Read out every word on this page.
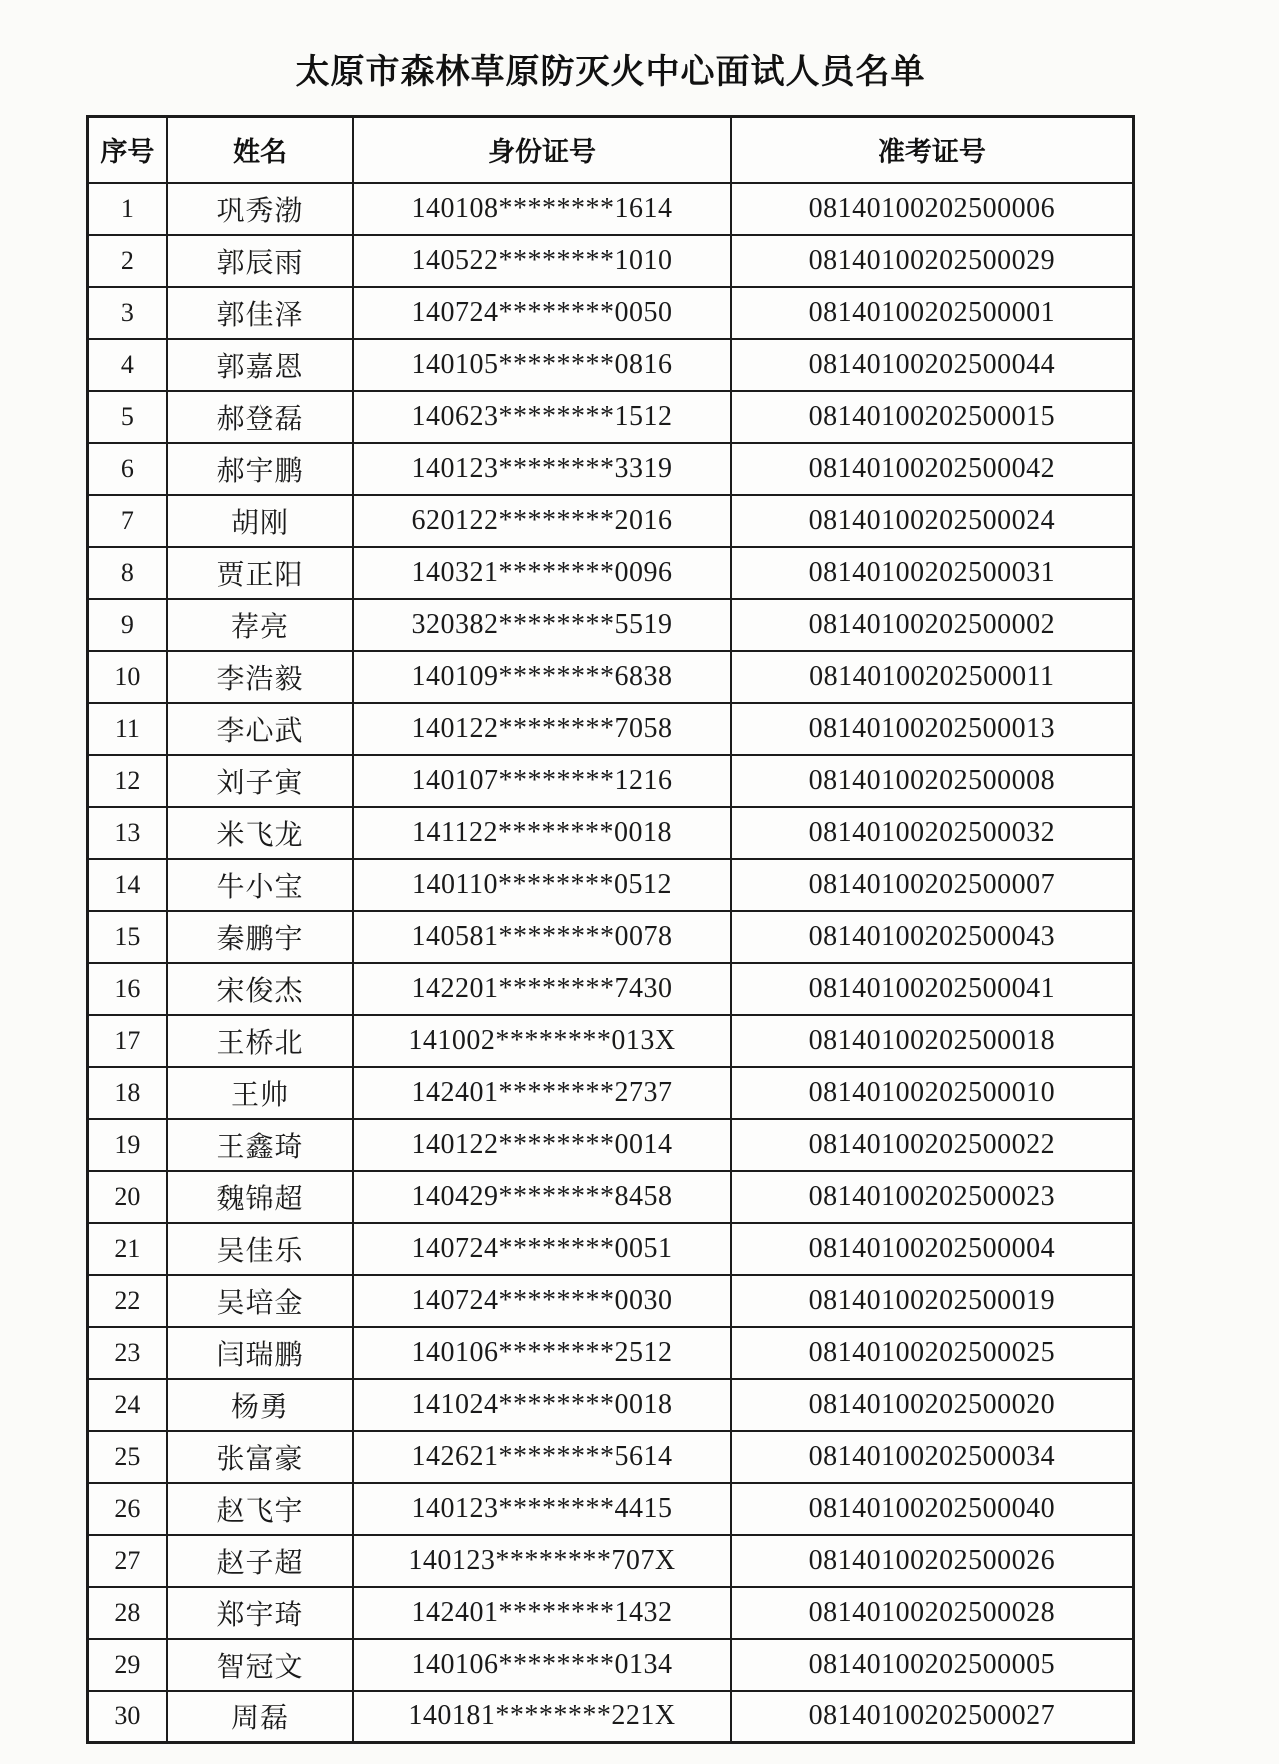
太原市森林草原防灭火中心面试人员名单
序号	姓名	身份证号	准考证号
1	巩秀渤	140108********1614	08140100202500006
2	郭辰雨	140522********1010	08140100202500029
3	郭佳泽	140724********0050	08140100202500001
4	郭嘉恩	140105********0816	08140100202500044
5	郝登磊	140623********1512	08140100202500015
6	郝宇鹏	140123********3319	08140100202500042
7	胡刚	620122********2016	08140100202500024
8	贾正阳	140321********0096	08140100202500031
9	荐亮	320382********5519	08140100202500002
10	李浩毅	140109********6838	08140100202500011
11	李心武	140122********7058	08140100202500013
12	刘子寅	140107********1216	08140100202500008
13	米飞龙	141122********0018	08140100202500032
14	牛小宝	140110********0512	08140100202500007
15	秦鹏宇	140581********0078	08140100202500043
16	宋俊杰	142201********7430	08140100202500041
17	王桥北	141002********013X	08140100202500018
18	王帅	142401********2737	08140100202500010
19	王鑫琦	140122********0014	08140100202500022
20	魏锦超	140429********8458	08140100202500023
21	吴佳乐	140724********0051	08140100202500004
22	吴培金	140724********0030	08140100202500019
23	闫瑞鹏	140106********2512	08140100202500025
24	杨勇	141024********0018	08140100202500020
25	张富豪	142621********5614	08140100202500034
26	赵飞宇	140123********4415	08140100202500040
27	赵子超	140123********707X	08140100202500026
28	郑宇琦	142401********1432	08140100202500028
29	智冠文	140106********0134	08140100202500005
30	周磊	140181********221X	08140100202500027
